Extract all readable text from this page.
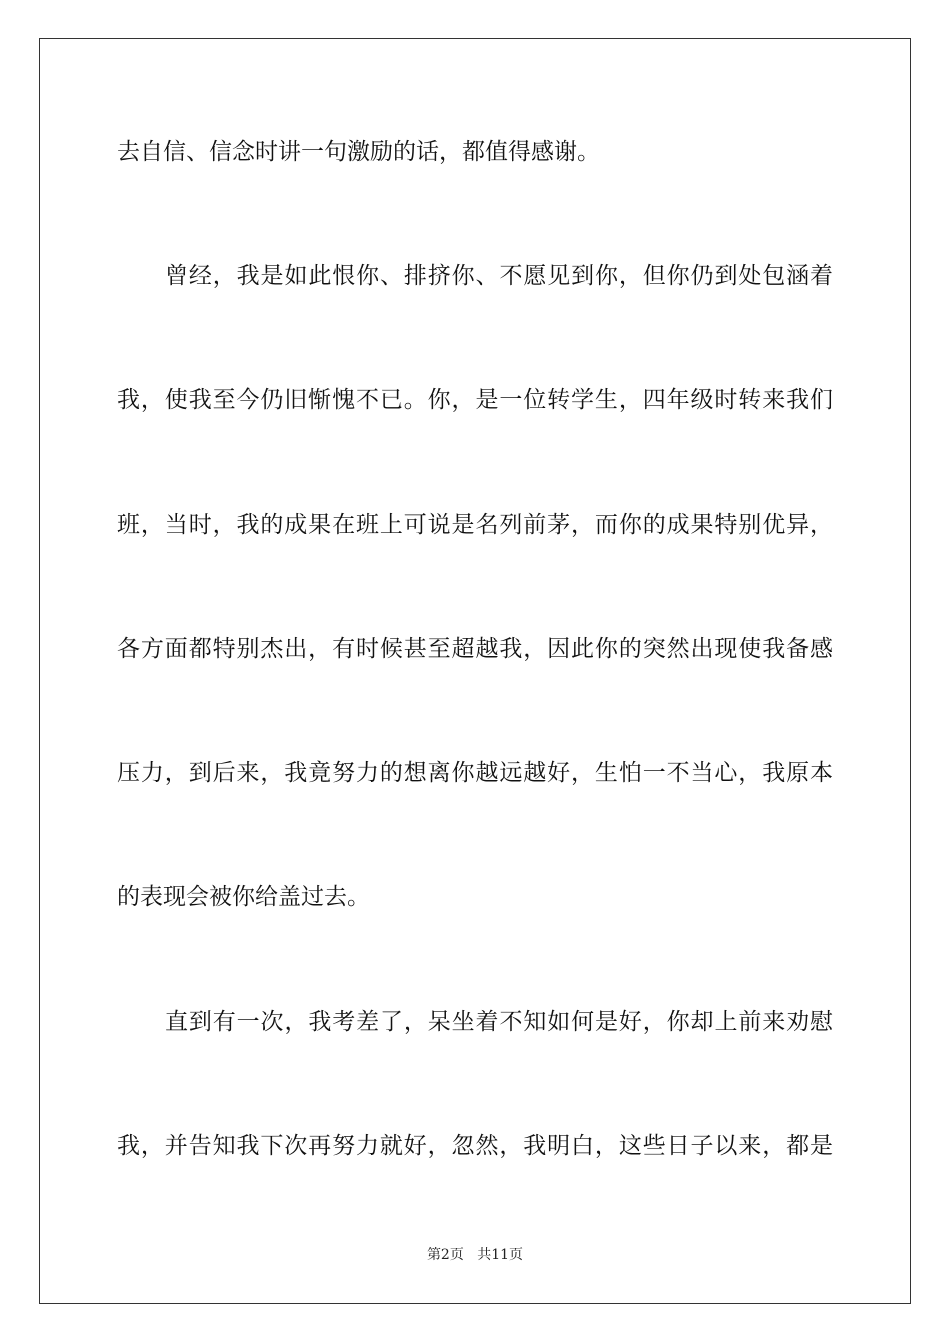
去自信、信念时讲一句激励的话，都值得感谢。
曾经，我是如此恨你、排挤你、不愿见到你，但你仍到处包涵着
我，使我至今仍旧惭愧不已。你，是一位转学生，四年级时转来我们
班，当时，我的成果在班上可说是名列前茅，而你的成果特别优异，
各方面都特别杰出，有时候甚至超越我，因此你的突然出现使我备感
压力，到后来，我竟努力的想离你越远越好，生怕一不当心，我原本
的表现会被你给盖过去。
直到有一次，我考差了，呆坐着不知如何是好，你却上前来劝慰
我，并告知我下次再努力就好，忽然，我明白，这些日子以来，都是
第2页 共11页
